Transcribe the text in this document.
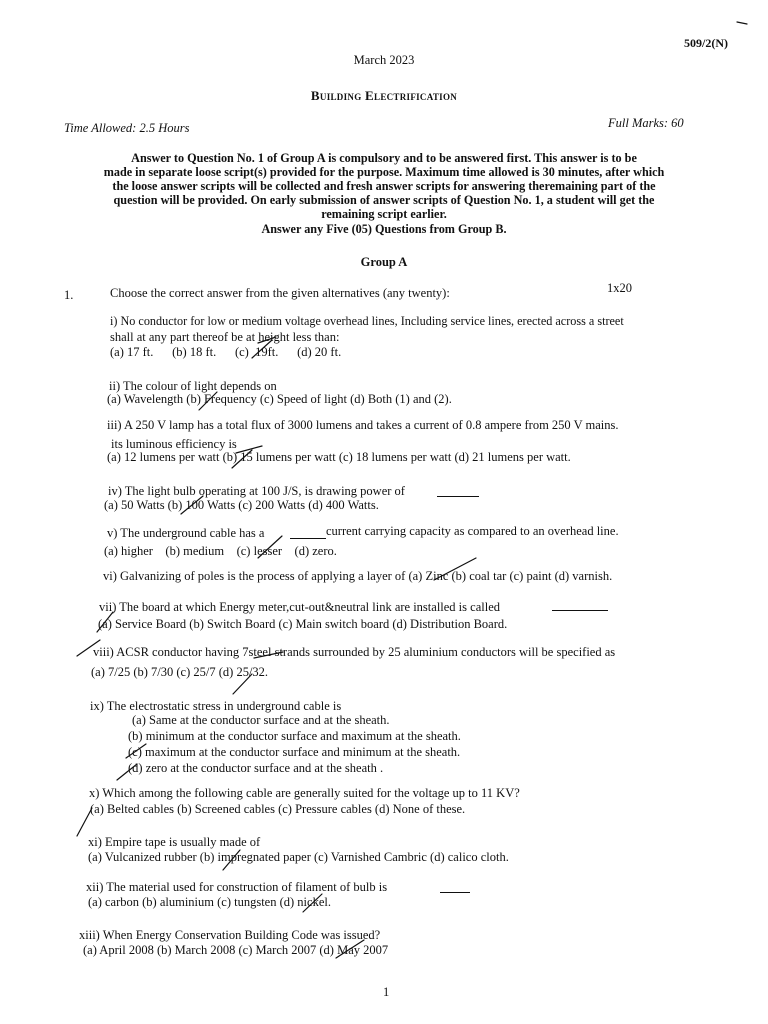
509/2(N)
March 2023
Building Electrification
Time Allowed: 2.5 Hours	Full Marks: 60
Answer to Question No. 1 of Group A is compulsory and to be answered first. This answer is to be
made in separate loose script(s) provided for the purpose. Maximum time allowed is 30 minutes, after which
the loose answer scripts will be collected and fresh answer scripts for answering theremaining part of the
question will be provided. On early submission of answer scripts of Question No. 1, a student will get the
remaining script earlier.
Answer any Five (05) Questions from Group B.
Group A
1.	Choose the correct answer from the given alternatives (any twenty):	1x20
i) No conductor for low or medium voltage overhead lines, Including service lines, erected across a street
shall at any part thereof be at height less than:
(a) 17 ft.      (b) 18 ft.      (c)  19ft.      (d) 20 ft.
ii) The colour of light depends on
(a) Wavelength (b) Frequency (c) Speed of light (d) Both (1) and (2).
iii) A 250 V lamp has a total flux of 3000 lumens and takes a current of 0.8 ampere from 250 V mains.
its luminous efficiency is
(a) 12 lumens per watt (b) 15 lumens per watt (c) 18 lumens per watt (d) 21 lumens per watt.
iv) The light bulb operating at 100 J/S, is drawing power of
(a) 50 Watts (b) 100 Watts (c) 200 Watts (d) 400 Watts.
v) The underground cable has a	current carrying capacity as compared to an overhead line.
(a) higher    (b) medium    (c) lesser    (d) zero.
vi) Galvanizing of poles is the process of applying a layer of (a) Zinc (b) coal tar (c) paint (d) varnish.
vii) The board at which Energy meter,cut-out&neutral link are installed is called
(a) Service Board (b) Switch Board (c) Main switch board (d) Distribution Board.
viii) ACSR conductor having 7steel strands surrounded by 25 aluminium conductors will be specified as
(a) 7/25 (b) 7/30 (c) 25/7 (d) 25/32.
ix) The electrostatic stress in underground cable is
(a) Same at the conductor surface and at the sheath.
(b) minimum at the conductor surface and maximum at the sheath.
(c) maximum at the conductor surface and minimum at the sheath.
(d) zero at the conductor surface and at the sheath .
x) Which among the following cable are generally suited for the voltage up to 11 KV?
(a) Belted cables (b) Screened cables (c) Pressure cables (d) None of these.
xi) Empire tape is usually made of
(a) Vulcanized rubber (b) impregnated paper (c) Varnished Cambric (d) calico cloth.
xii) The material used for construction of filament of bulb is
(a) carbon (b) aluminium (c) tungsten (d) nickel.
xiii) When Energy Conservation Building Code was issued?
(a) April 2008 (b) March 2008 (c) March 2007 (d) May 2007
1
